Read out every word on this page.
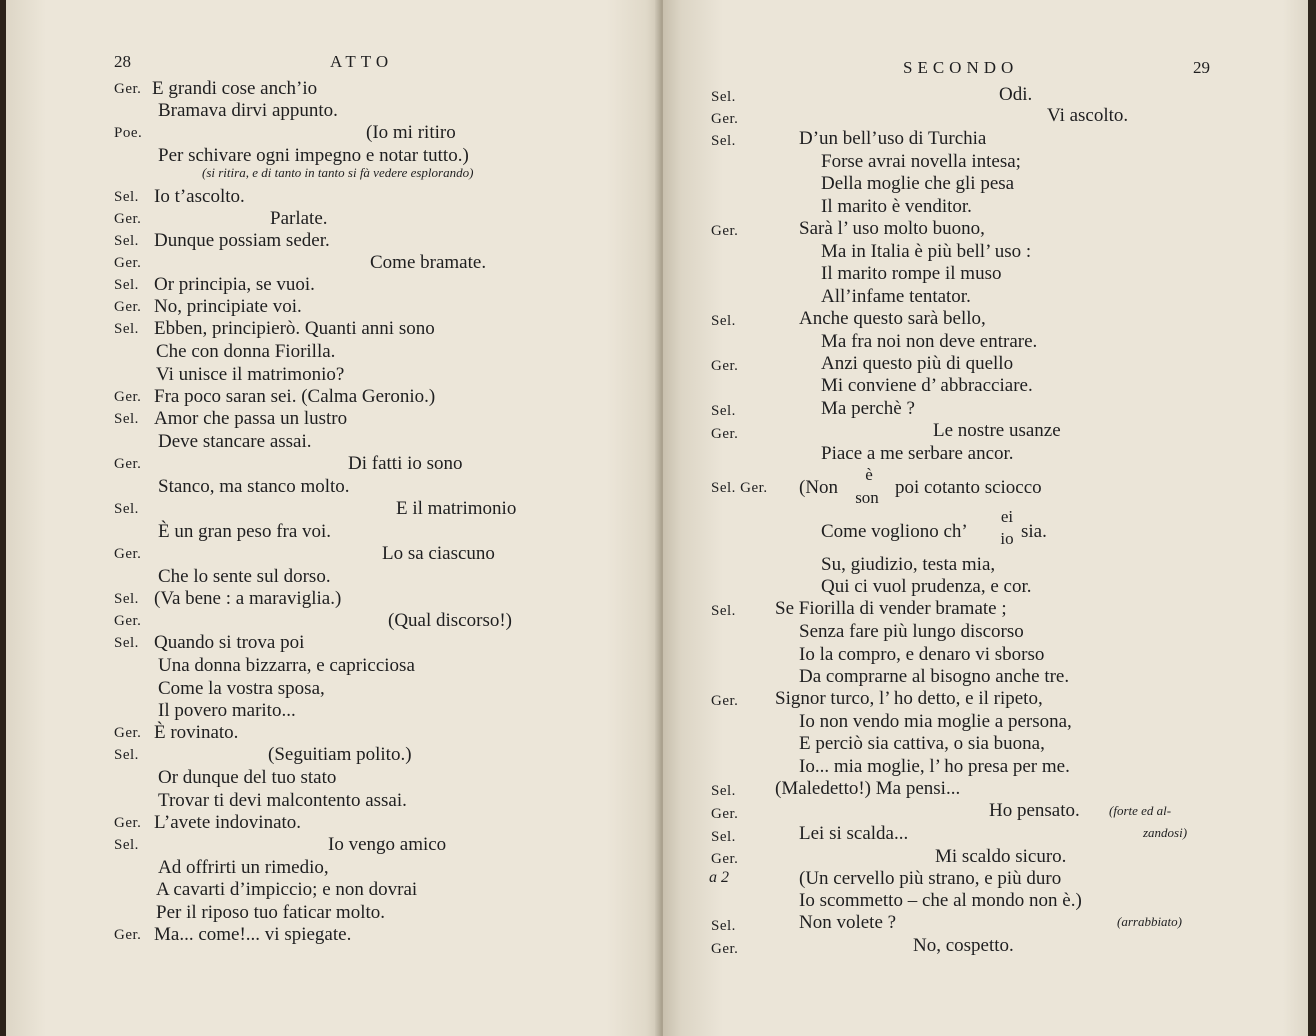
28	ATTO
Ger. E grandi cose anch’io
Bramava dirvi appunto.
Poe.	(Io mi ritiro
Per schivare ogni impegno e notar tutto.)
(si ritira, e di tanto in tanto si fà vedere esplorando)
Sel. Io t’ascolto.
Ger.	Parlate.
Sel. Dunque possiam seder.
Ger.	Come bramate.
Sel. Or principia, se vuoi.
Ger. No, principiate voi.
Sel. Ebben, principierò. Quanti anni sono
Che con donna Fiorilla.
Vi unisce il matrimonio?
Ger. Fra poco saran sei. (Calma Geronio.)
Sel. Amor che passa un lustro
Deve stancare assai.
Ger.	Di fatti io sono
Stanco, ma stanco molto.
Sel.	E il matrimonio
È un gran peso fra voi.
Ger.	Lo sa ciascuno
Che lo sente sul dorso.
Sel. (Va bene : a maraviglia.)
Ger.	(Qual discorso!)
Sel. Quando si trova poi
Una donna bizzarra, e capricciosa
Come la vostra sposa,
Il povero marito...
Ger. È rovinato.
Sel.	(Seguitiam polito.)
Or dunque del tuo stato
Trovar ti devi malcontento assai.
Ger. L’avete indovinato.
Sel.	Io vengo amico
Ad offrirti un rimedio,
A cavarti d’impiccio; e non dovrai
Per il riposo tuo faticar molto.
Ger. Ma... come!... vi spiegate.
SECONDO	29
Sel.	Odi.
Ger.	Vi ascolto.
Sel.	D’un bell’uso di Turchia
Forse avrai novella intesa;
Della moglie che gli pesa
Il marito è venditor.
Ger.	Sarà l’ uso molto buono,
Ma in Italia è più bell’ uso :
Il marito rompe il muso
All’infame tentator.
Sel.	Anche questo sarà bello,
Ma fra noi non deve entrare.
Ger.	Anzi questo più di quello
Mi conviene d’ abbracciare.
Sel.	Ma perchè ?
Ger.	Le nostre usanze
Piace a me serbare ancor.
Sel. Ger. (Non
è
son poi cotanto sciocco
Come vogliono ch’
ei
io sia.
Su, giudizio, testa mia,
Qui ci vuol prudenza, e cor.
Sel. Se Fiorilla di vender bramate ;
Senza fare più lungo discorso
Io la compro, e denaro vi sborso
Da comprarne al bisogno anche tre.
Ger. Signor turco, l’ ho detto, e il ripeto,
Io non vendo mia moglie a persona,
E perciò sia cattiva, o sia buona,
Io... mia moglie, l’ ho presa per me.
Sel. (Maledetto!) Ma pensi...
Ger.	Ho pensato. (forte ed al-
Sel.	Lei si scalda...	zandosi)
Ger.	Mi scaldo sicuro.
a 2	(Un cervello più strano, e più duro
Io scommetto – che al mondo non è.)
Sel.	Non volete ?	(arrabbiato)
Ger.	No, cospetto.
